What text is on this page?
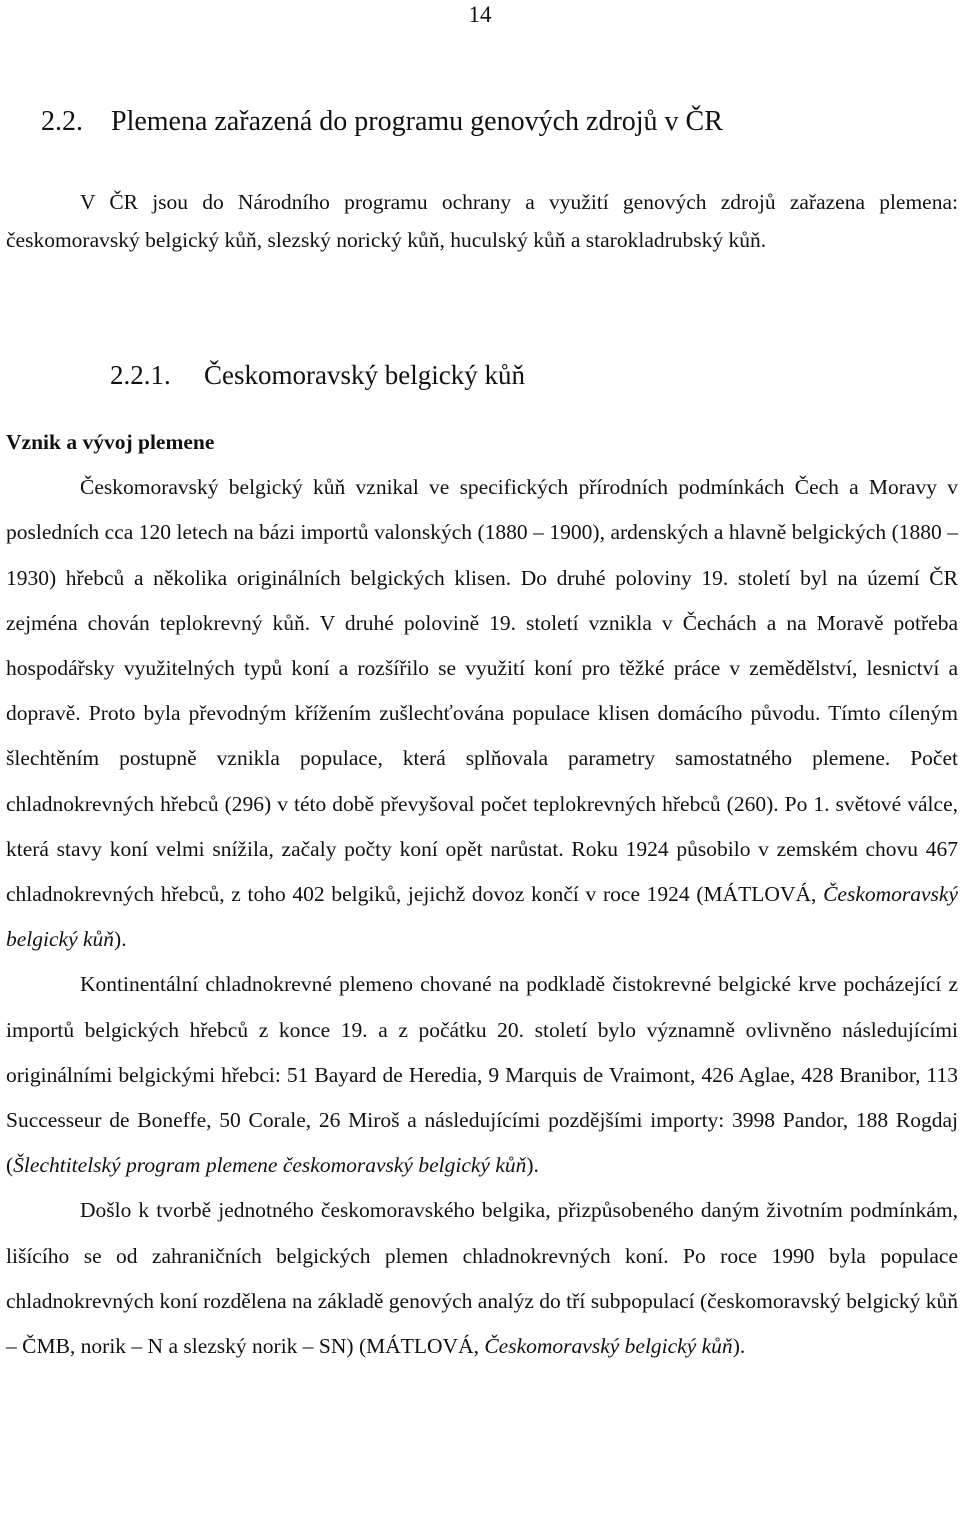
14
2.2. Plemena zařazená do programu genových zdrojů v ČR
V ČR jsou do Národního programu ochrany a využití genových zdrojů zařazena plemena: českomoravský belgický kůň, slezský norický kůň, huculský kůň a starokladrubský kůň.
2.2.1. Českomoravský belgický kůň

Vznik a vývoj plemene

Českomoravský belgický kůň vznikal ve specifických přírodních podmínkách Čech a Moravy v posledních cca 120 letech na bázi importů valonských (1880 – 1900), ardenských a hlavně belgických (1880 – 1930) hřebců a několika originálních belgických klisen. Do druhé poloviny 19. století byl na území ČR zejména chován teplokrevný kůň. V druhé polovině 19. století vznikla v Čechách a na Moravě potřeba hospodářsky využitelných typů koní a rozšířilo se využití koní pro těžké práce v zemědělství, lesnictví a dopravě. Proto byla převodným křížením zušlechťována populace klisen domácího původu. Tímto cíleným šlechtěním postupně vznikla populace, která splňovala parametry samostatného plemene. Počet chladnokrevných hřebců (296) v této době převyšoval počet teplokrevných hřebců (260). Po 1. světové válce, která stavy koní velmi snížila, začaly počty koní opět narůstat. Roku 1924 působilo v zemském chovu 467 chladnokrevných hřebců, z toho 402 belgiků, jejichž dovoz končí v roce 1924 (MÁTLOVÁ, Českomoravský belgický kůň).

Kontinentální chladnokrevné plemeno chované na podkladě čistokrevné belgické krve pocházející z importů belgických hřebců z konce 19. a z počátku 20. století bylo významně ovlivněno následujícími originálními belgickými hřebci: 51 Bayard de Heredia, 9 Marquis de Vraimont, 426 Aglae, 428 Branibor, 113 Successeur de Boneffe, 50 Corale, 26 Miroš a následujícími pozdějšími importy: 3998 Pandor, 188 Rogdaj (Šlechtitelský program plemene českomoravský belgický kůň).

Došlo k tvorbě jednotného českomoravského belgika, přizpůsobeného daným životním podmínkám, lišícího se od zahraničních belgických plemen chladnokrevných koní. Po roce 1990 byla populace chladnokrevných koní rozdělena na základě genových analýz do tří subpopulací (českomoravský belgický kůň – ČMB, norik – N a slezský norik – SN) (MÁTLOVÁ, Českomoravský belgický kůň).
